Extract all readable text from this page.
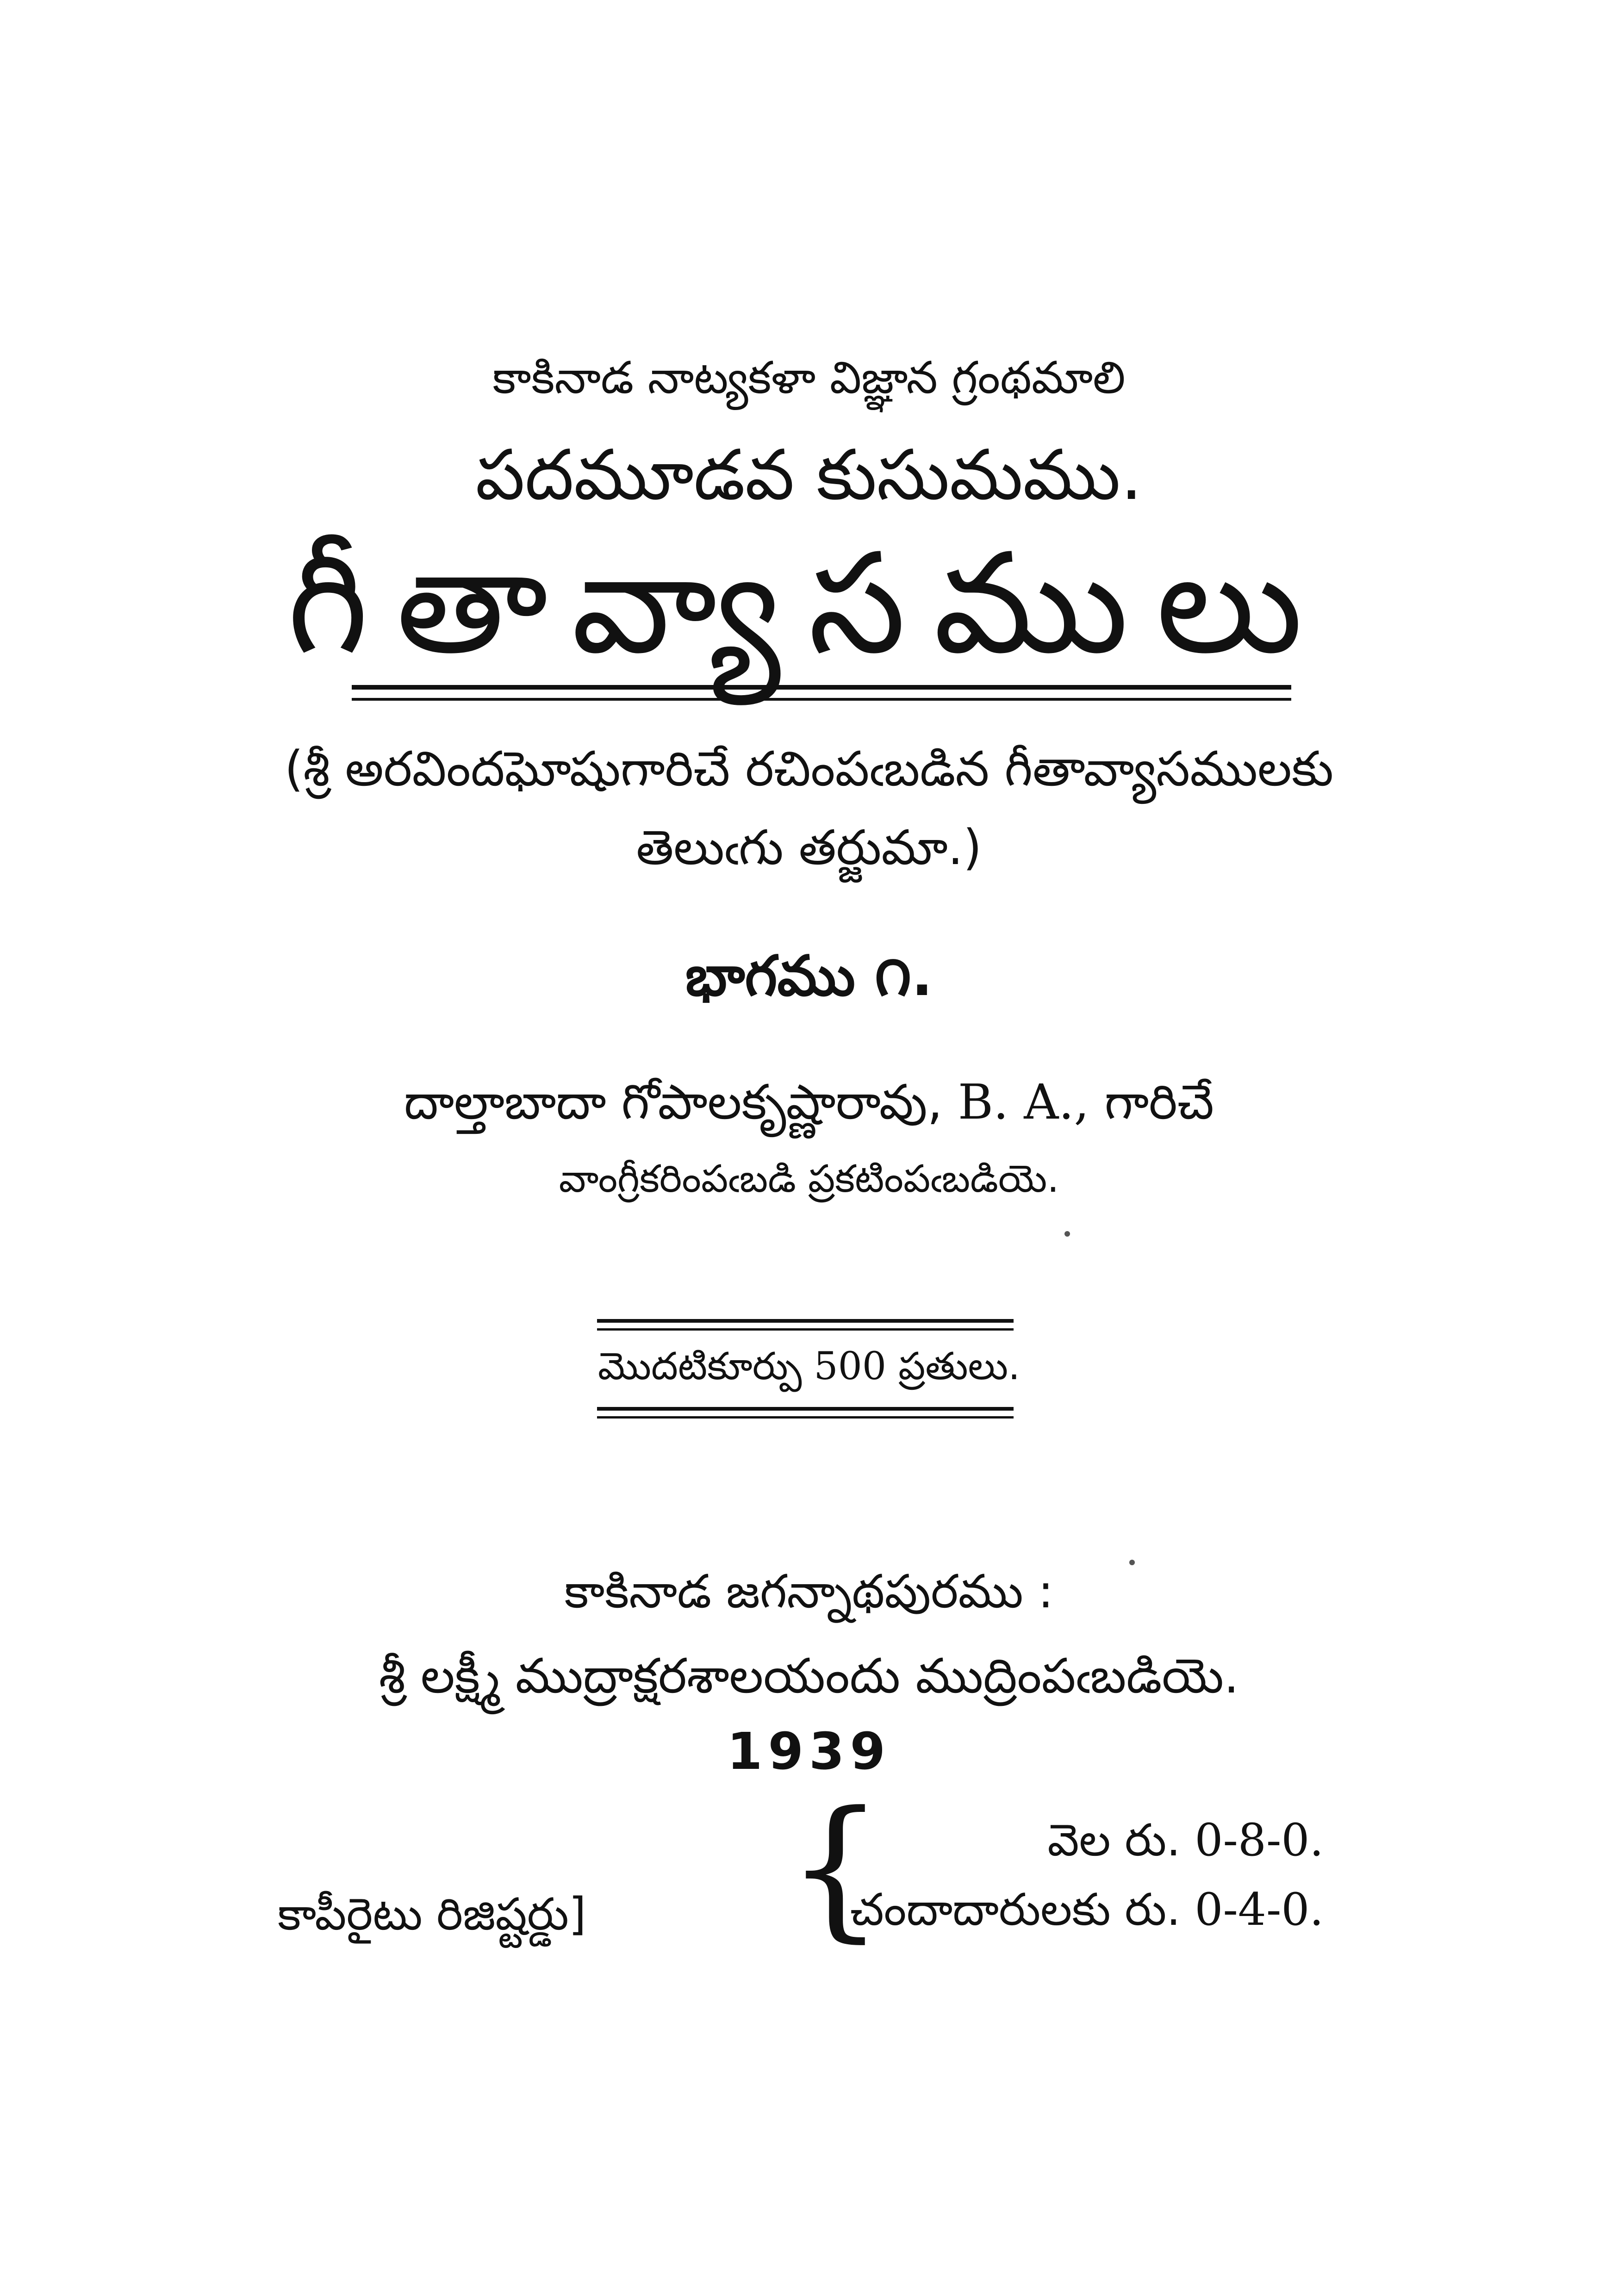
కాకినాడ నాట్యకళా విజ్ఞాన గ్రంథమాలి
పదమూడవ కుసుమము.
గీతావ్యాసములు
(శ్రీ అరవిందఘోషుగారిచే రచింపఁబడిన గీతావ్యాసములకు
తెలుఁగు తర్జుమా.)
భాగము ౧.
దాల్తాబాదా గోపాలకృష్ణారావు, B. A., గారిచే
వాంగ్రీకరింపఁబడి ప్రకటింపఁబడియె.
మొదటికూర్పు 500 ప్రతులు.
కాకినాడ జగన్నాథపురము :
శ్రీ లక్ష్మీ ముద్రాక్షరశాలయందు ముద్రింపఁబడియె.
1939
{	వెల రు. 0-8-0.
చందాదారులకు రు. 0-4-0.
కాపీరైటు రిజిష్టర్డు]
